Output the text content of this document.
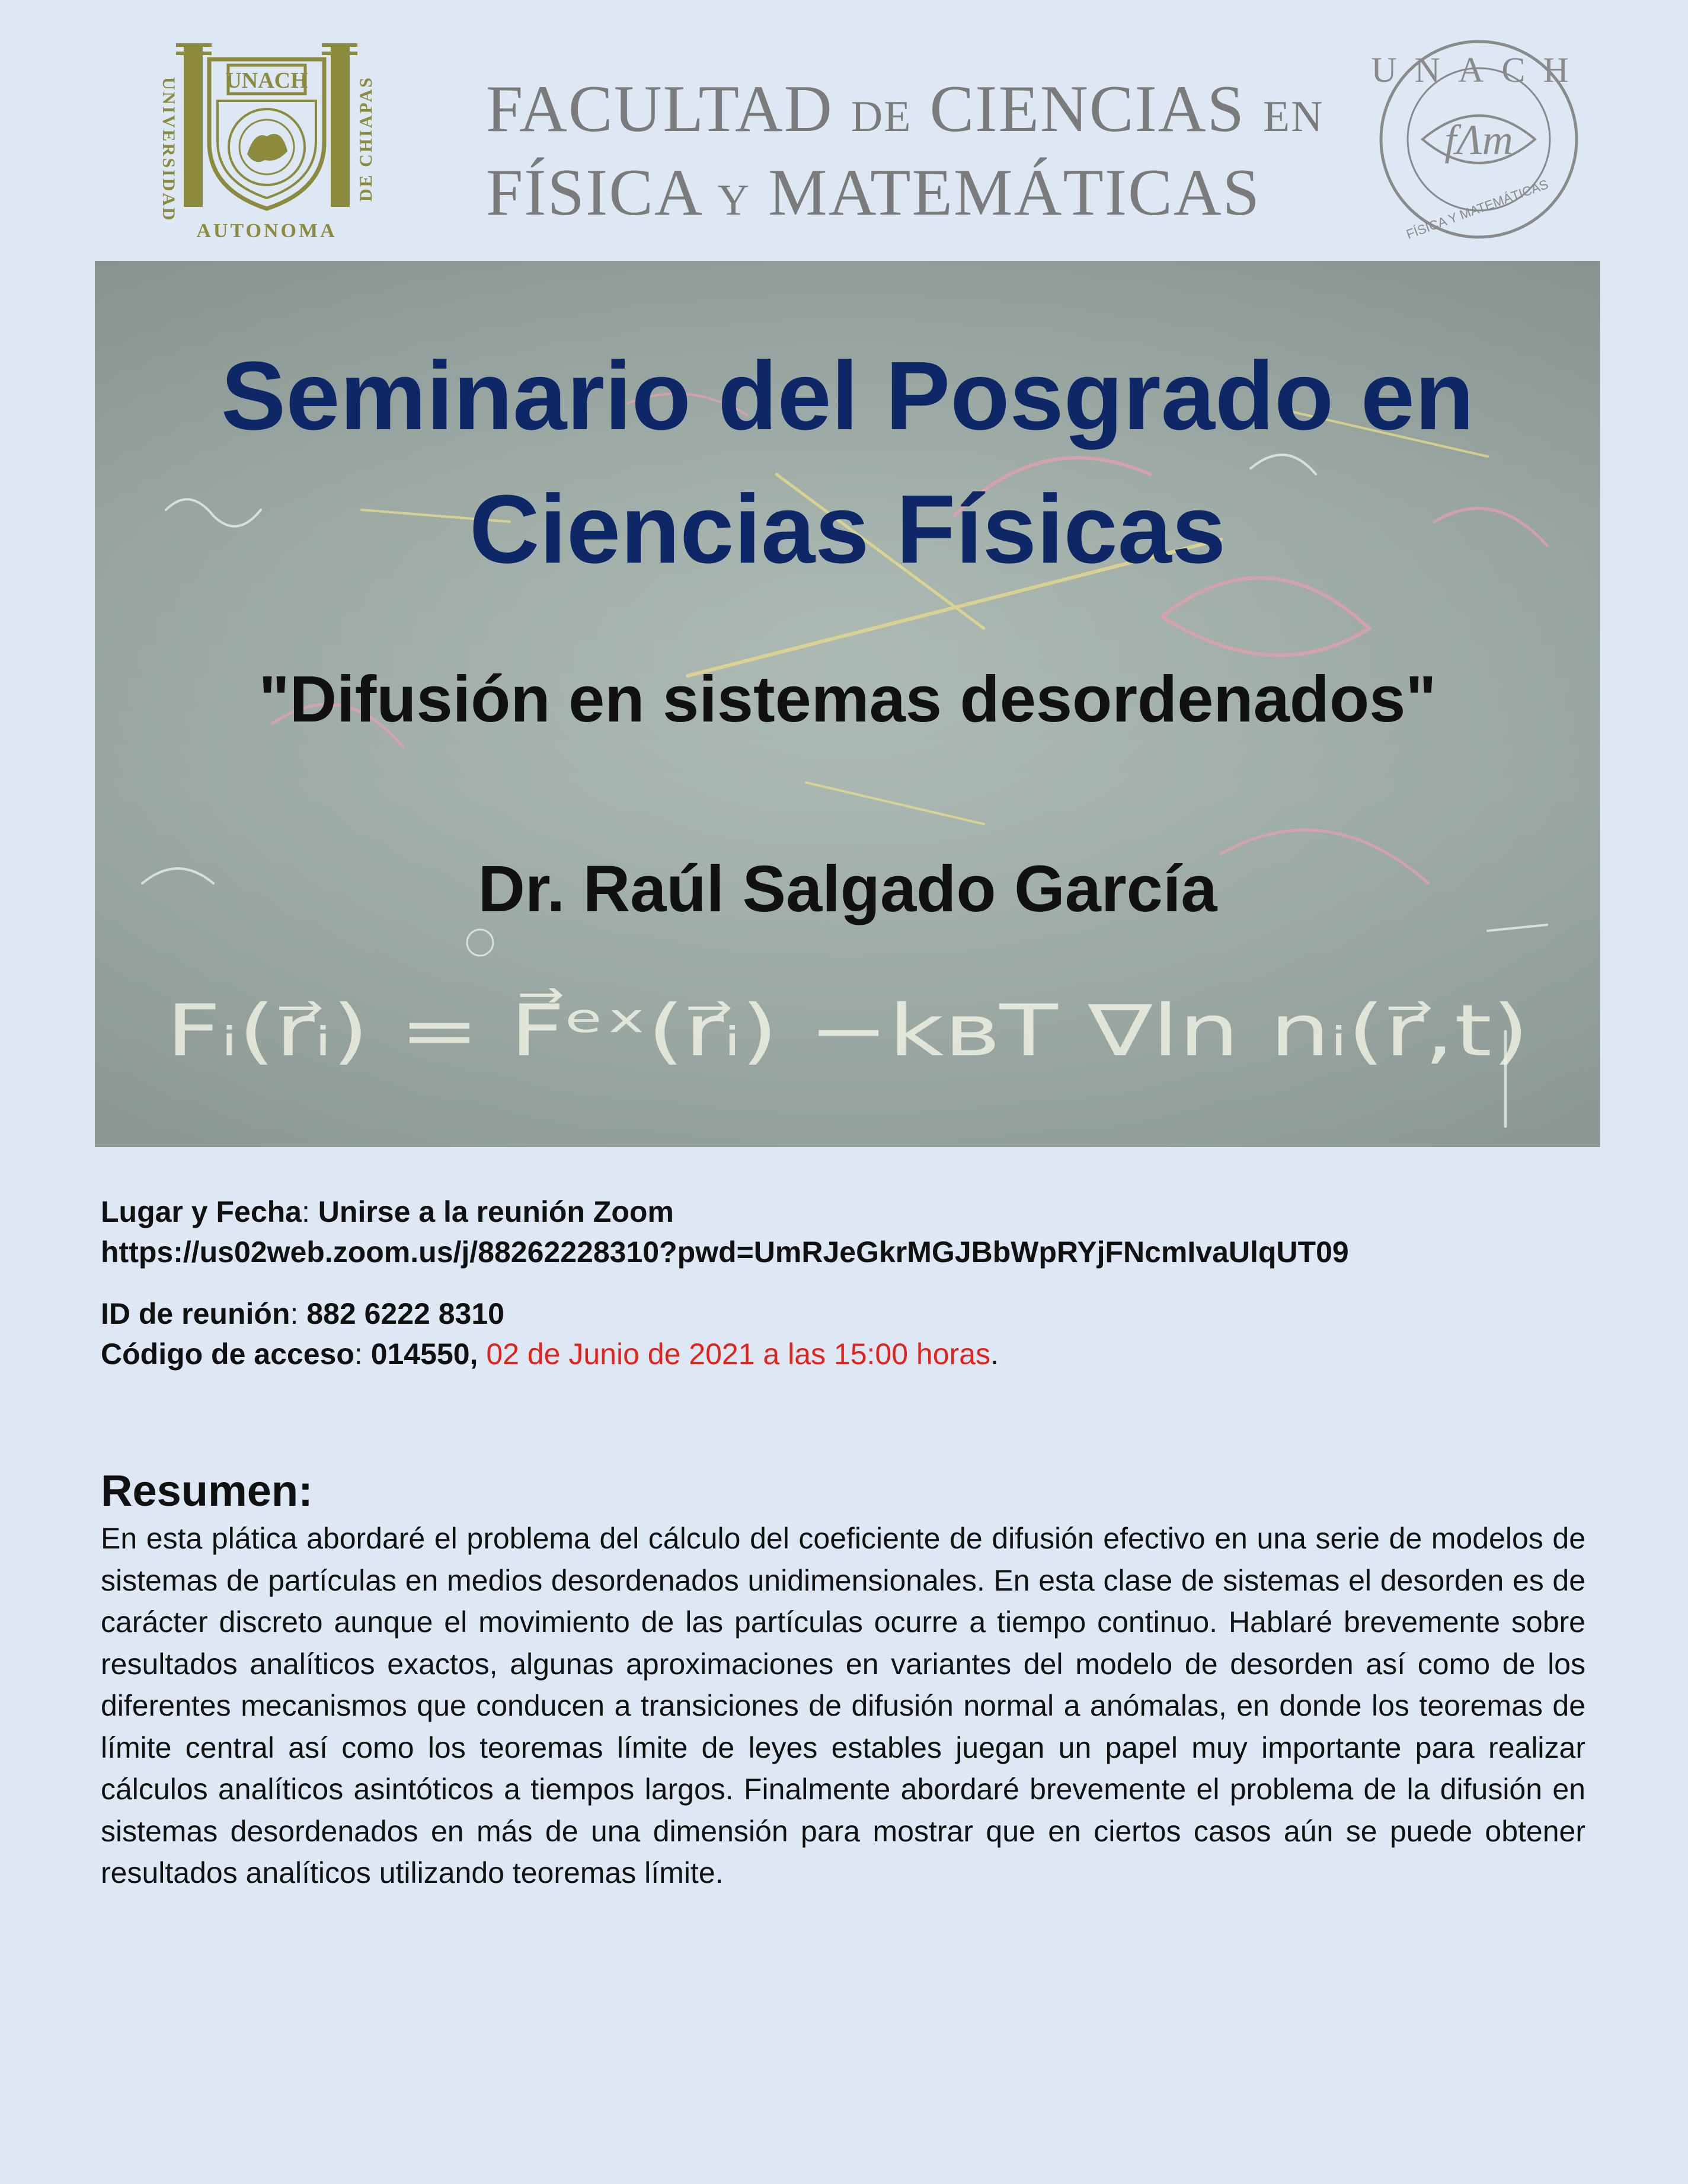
UNACH
UNIVERSIDAD	DE CHIAPAS
AUTONOMA
FACULTAD DE CIENCIAS EN
FÍSICA Y MATEMÁTICAS
UNACH
fΛm
FÍSICA Y MATEMÁTICAS
Fᵢ(r⃗ᵢ) = F⃗ᵉˣ(r⃗ᵢ) −kʙT ∇ln nᵢ(r⃗,t)
Seminario del Posgrado en
Ciencias Físicas
"Difusión en sistemas desordenados"
Dr. Raúl Salgado García
Lugar y Fecha: Unirse a la reunión Zoom
https://us02web.zoom.us/j/88262228310?pwd=UmRJeGkrMGJBbWpRYjFNcmIvaUlqUT09
ID de reunión: 882 6222 8310
Código de acceso: 014550, 02 de Junio de 2021 a las 15:00 horas.
Resumen:
En esta plática abordaré el problema del cálculo del coeficiente de difusión efectivo en una serie de modelos de sistemas de partículas en medios desordenados unidimensionales. En esta clase de sistemas el desorden es de carácter discreto aunque el movimiento de las partículas ocurre a tiempo continuo. Hablaré brevemente sobre resultados analíticos exactos, algunas aproximaciones en variantes del modelo de desorden así como de los diferentes mecanismos que conducen a transiciones de difusión normal a anómalas, en donde los teoremas de límite central así como los teoremas límite de leyes estables juegan un papel muy importante para realizar cálculos analíticos asintóticos a tiempos largos. Finalmente abordaré brevemente el problema de la difusión en sistemas desordenados en más de una dimensión para mostrar que en ciertos casos aún se puede obtener resultados analíticos utilizando teoremas límite.
